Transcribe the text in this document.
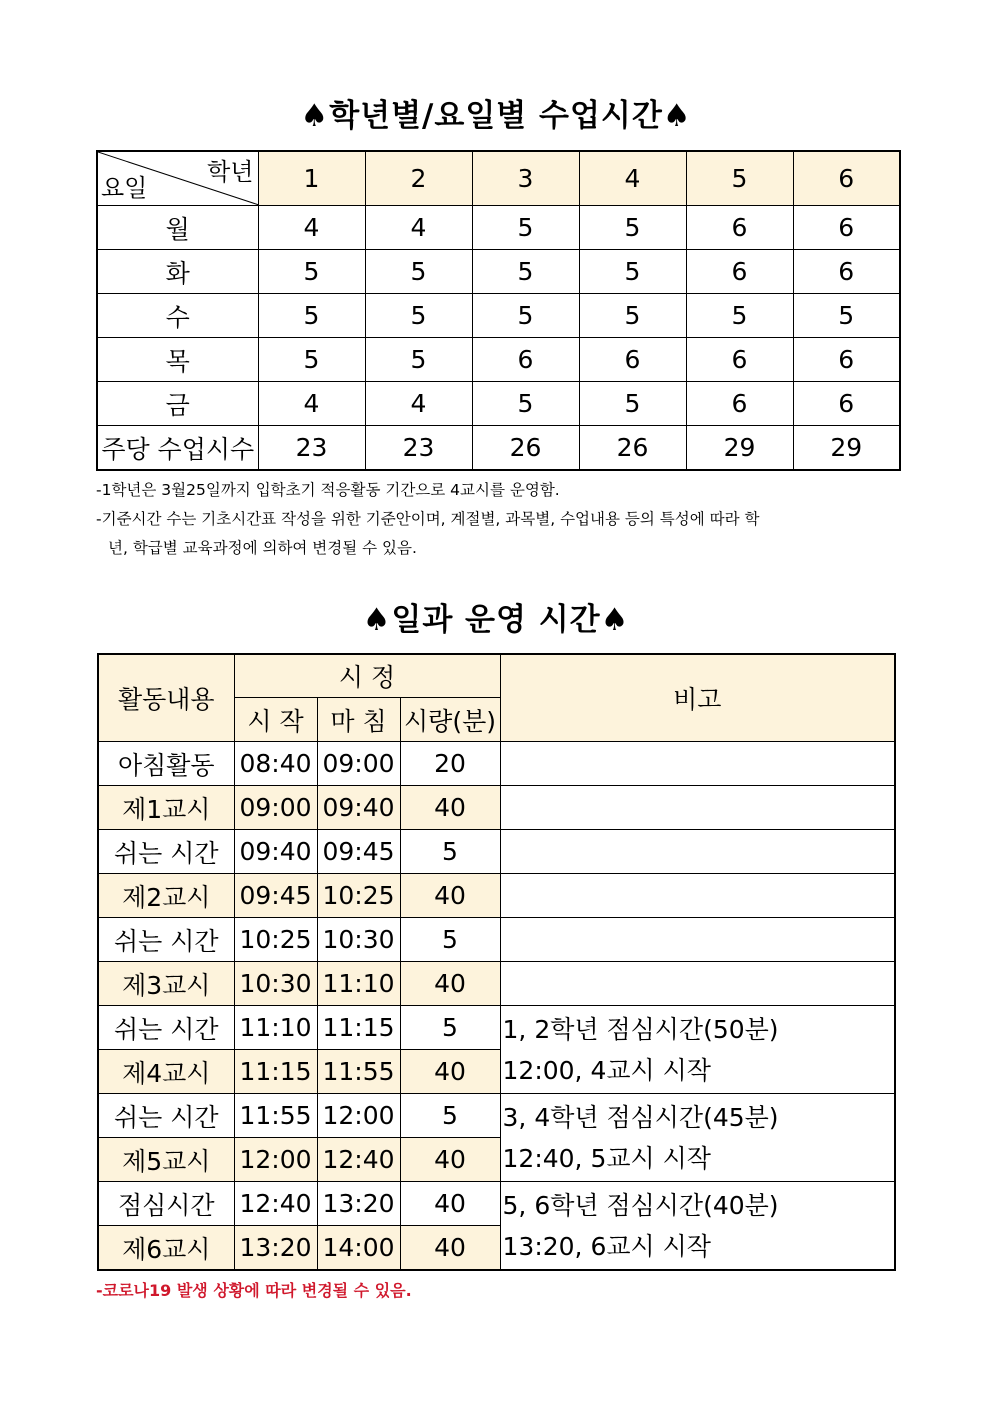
♠학년별/요일별 수업시간♠
학년
요일	1	2	3	4	5	6
월	4	4	5	5	6	6
화	5	5	5	5	6	6
수	5	5	5	5	5	5
목	5	5	6	6	6	6
금	4	4	5	5	6	6
주당 수업시수	23	23	26	26	29	29
-1학년은 3월25일까지 입학초기 적응활동 기간으로 4교시를 운영함.
-기준시간 수는 기초시간표 작성을 위한 기준안이며, 계절별, 과목별, 수업내용 등의 특성에 따라 학
년, 학급별 교육과정에 의하여 변경될 수 있음.
♠일과 운영 시간♠
활동내용	시 정			비고
	시 작	마 침	시량(분)	
아침활동	08:40	09:00	20	
제1교시	09:00	09:40	40	
쉬는 시간	09:40	09:45	5	
제2교시	09:45	10:25	40	
쉬는 시간	10:25	10:30	5	
제3교시	10:30	11:10	40	
쉬는 시간	11:10	11:15	5	1, 2학년 점심시간(50분)
12:00, 4교시 시작

제4교시	11:15	11:55	40	
쉬는 시간	11:55	12:00	5	3, 4학년 점심시간(45분)
12:40, 5교시 시작

제5교시	12:00	12:40	40	
점심시간	12:40	13:20	40	5, 6학년 점심시간(40분)
13:20, 6교시 시작

제6교시	13:20	14:00	40	
-코로나19 발생 상황에 따라 변경될 수 있음.
